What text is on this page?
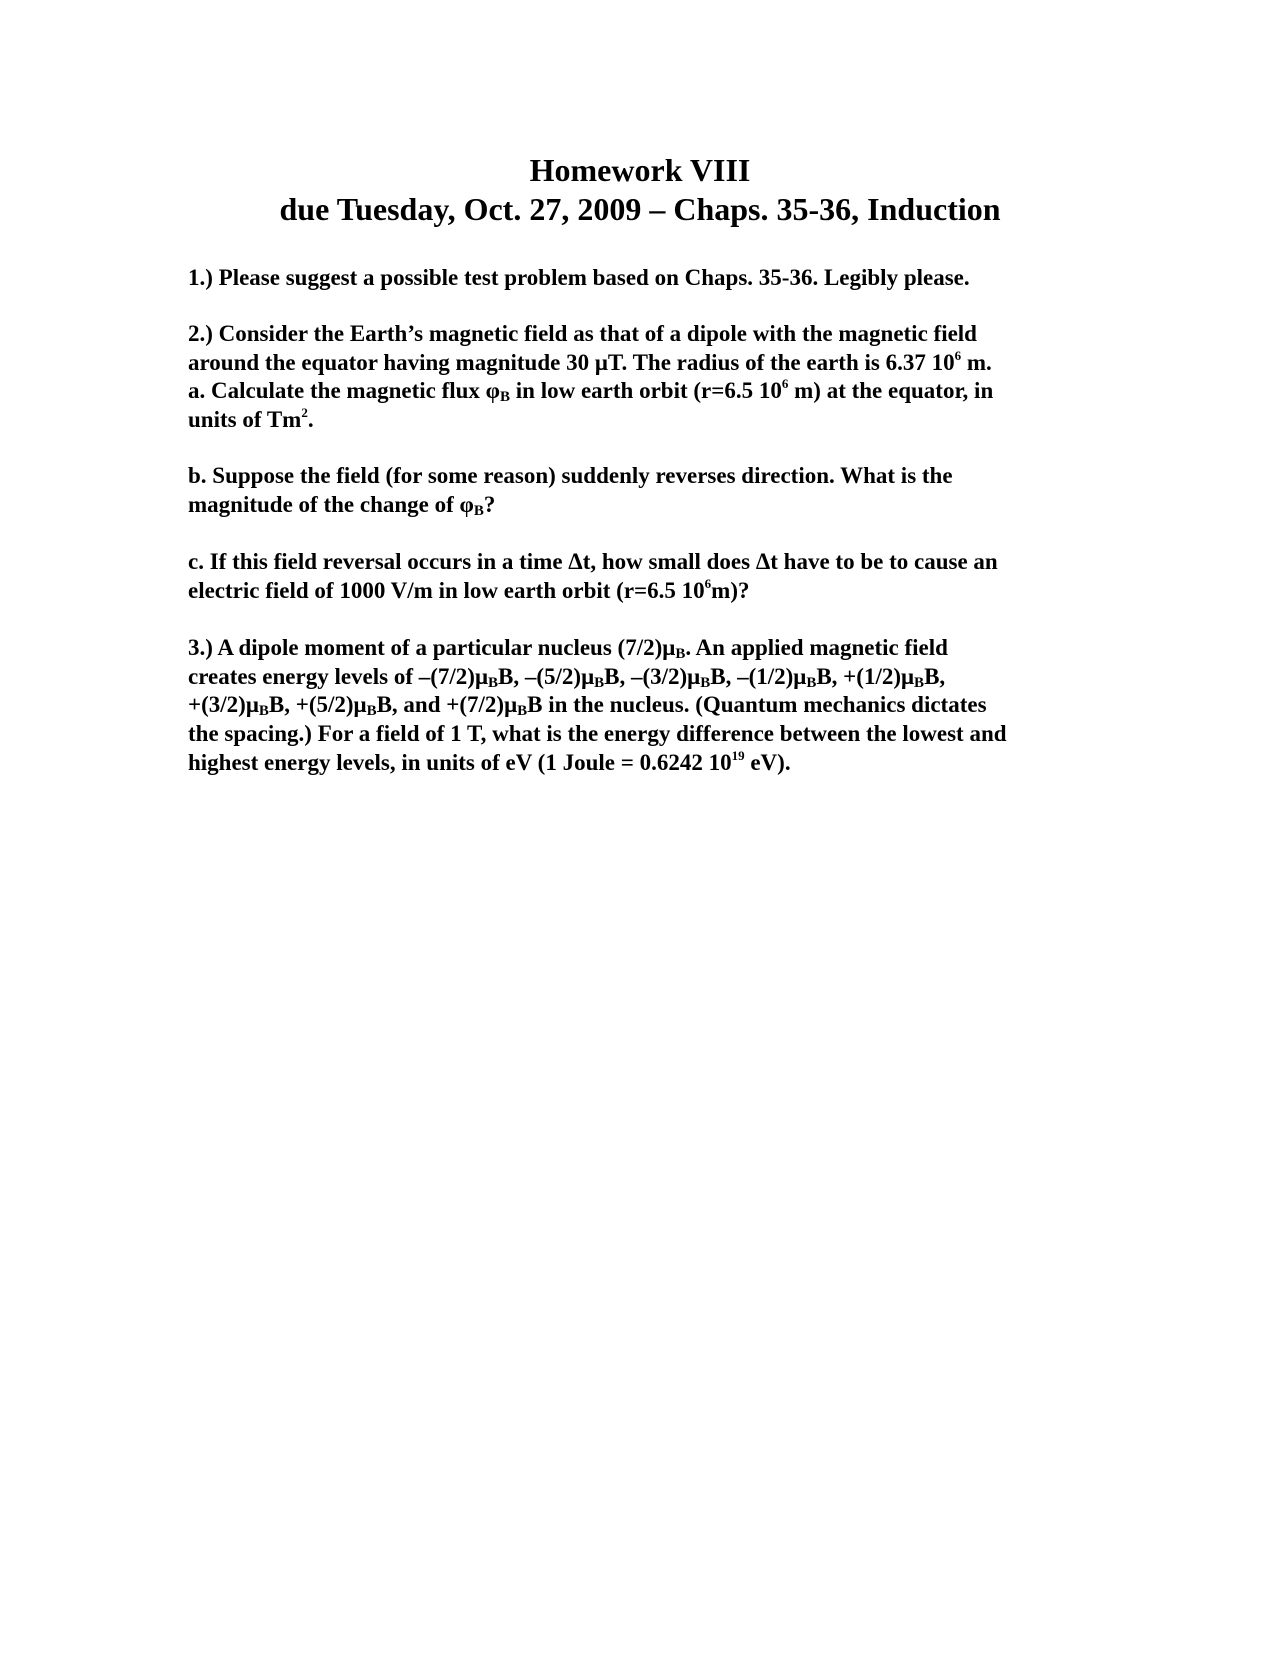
Homework VIII
due Tuesday, Oct. 27, 2009 – Chaps. 35-36, Induction
1.) Please suggest a possible test problem based on Chaps. 35-36. Legibly please.
2.) Consider the Earth’s magnetic field as that of a dipole with the magnetic field
around the equator having magnitude 30 μT. The radius of the earth is 6.37 $10^6$ m.
a. Calculate the magnetic flux $\varphi_B$ in low earth orbit (r=6.5 $10^6$ m) at the equator, in
units of Tm$^2$.
b. Suppose the field (for some reason) suddenly reverses direction. What is the
magnitude of the change of $\varphi_B$?
c. If this field reversal occurs in a time Δt, how small does Δt have to be to cause an
electric field of 1000 V/m in low earth orbit (r=6.5 $10^6m$)?
3.) A dipole moment of a particular nucleus $(7/2)\mu_B$. An applied magnetic field
creates energy levels of $-(7/2)\mu_BB$, $-(5/2)\mu_BB$, $-(3/2)\mu_BB$, $-(1/2)\mu_BB$, $+(1/2)\mu_BB$,
$+(3/2)\mu_BB$, $+(5/2)\mu_BB$, and $+(7/2)\mu_BB$ in the nucleus. (Quantum mechanics dictates
the spacing.) For a field of 1 T, what is the energy difference between the lowest and
highest energy levels, in units of eV (1 Joule = 0.6242 $10^{19}$ eV).
